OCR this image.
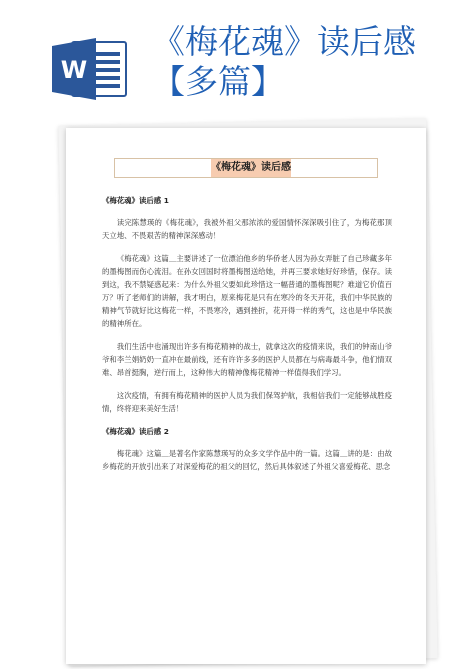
W
《梅花魂》读后感
【多篇】
《梅花魂》读后感
《梅花魂》读后感 1

读完陈慧瑛的《梅花魂》，我被外祖父那浓浓的爱国情怀深深吸引住了，为梅花那顶天立地、不畏艰苦的精神深深感动！

《梅花魂》这篇＿主要讲述了一位漂泊他乡的华侨老人因为孙女弄脏了自己珍藏多年的墨梅图而伤心流泪。在孙女回国时将墨梅图送给她，并再三要求她好好珍惜，保存。读到这，我不禁疑惑起来：为什么外祖父要如此珍惜这一幅普通的墨梅图呢？难道它价值百万？听了老师们的讲解，我才明白，原来梅花是只有在寒冷的冬天开花，我们中华民族的精神气节就好比这梅花一样，不畏寒冷，遇到挫折，花开得一样的秀气，这也是中华民族的精神所在。

我们生活中也涌现出许多有梅花精神的战士，就拿这次的疫情来说，我们的钟南山爷爷和李兰娟奶奶一直冲在最前线，还有许许多多的医护人员都在与病毒最斗争，他们情双难、昂首挺胸，逆行而上，这种伟大的精神像梅花精神一样值得我们学习。

这次疫情，有拥有梅花精神的医护人员为我们保驾护航，我相信我们一定能够战胜疫情，终将迎来美好生活！

《梅花魂》读后感 2

梅花魂》这篇＿是著名作家陈慧瑛写的众多文学作品中的一篇。这篇＿讲的是：由故乡梅花的开放引出来了对深爱梅花的祖父的回忆，然后具体叙述了外祖父喜爱梅花、思念
